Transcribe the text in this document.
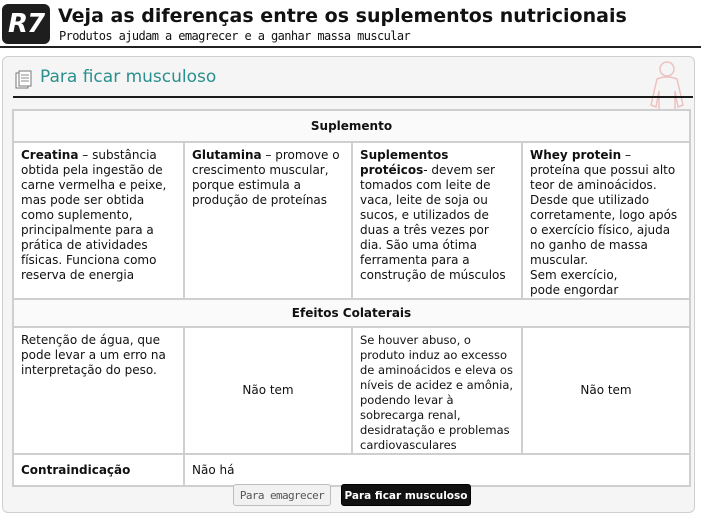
R7 Veja as diferenças entre os suplementos nutricionais
Produtos ajudam a emagrecer e a ganhar massa muscular
Para ficar musculoso
Suplemento			
Creatina – substância obtida pela ingestão de carne vermelha e peixe, mas pode ser obtida como suplemento, principalmente para a prática de atividades físicas. Funciona como reserva de energia	Glutamina – promove o crescimento muscular, porque estimula a produção de proteínas	Suplementos protéicos- devem ser tomados com leite de vaca, leite de soja ou sucos, e utilizados de duas a três vezes por dia. São uma ótima ferramenta para a construção de músculos	Whey protein – proteína que possui alto teor de aminoácidos. Desde que utilizado corretamente, logo após o exercício físico, ajuda no ganho de massa muscular.
Sem exercício,
pode engordar
Efeitos Colaterais			
Retenção de água, que pode levar a um erro na interpretação do peso.	Não tem	Se houver abuso, o produto induz ao excesso de aminoácidos e eleva os níveis de acidez e amônia, podendo levar à sobrecarga renal, desidratação e problemas cardiovasculares	Não tem
Contraindicação	Não há		
Para emagrecer	Para ficar musculoso
